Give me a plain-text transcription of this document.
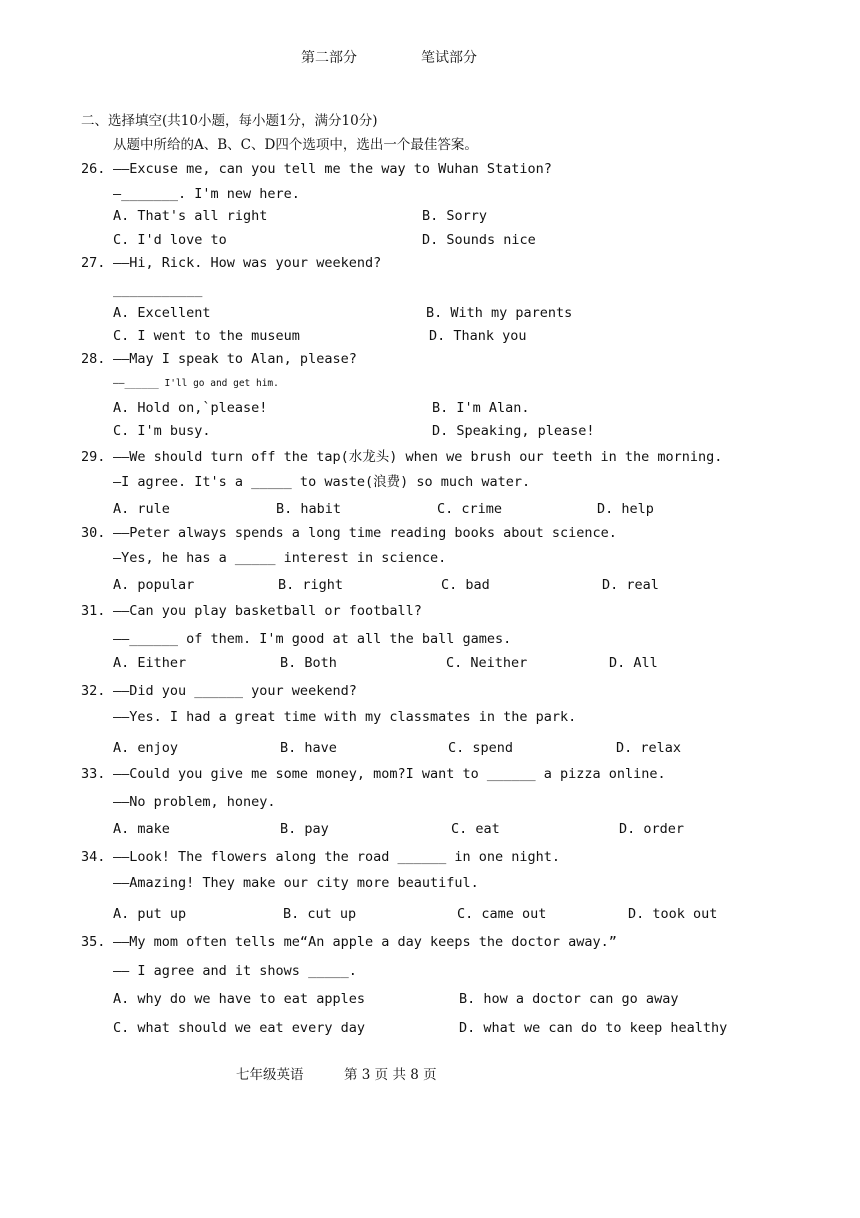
第二部分	笔试部分
二、选择填空(共10小题，每小题1分，满分10分)
从题中所给的A、B、C、D四个选项中，选出一个最佳答案。
26. ——Excuse me, can you tell me the way to Wuhan Station?
—_______. I'm new here.
A. That's all right	B. Sorry
C. I'd love to	D. Sounds nice
27. ——Hi, Rick. How was your weekend?
___________
A. Excellent	B. With my parents
C. I went to the museum	D. Thank you
28. ——May I speak to Alan, please?
——______ I'll go and get him.
A. Hold on,`please!	B. I'm Alan.
C. I'm busy.	D. Speaking, please!
29. ——We should turn off the tap(水龙头) when we brush our teeth in the morning.
—I agree. It's a _____ to waste(浪费) so much water.
A. rule	B. habit	C. crime	D. help
30. ——Peter always spends a long time reading books about science.
—Yes, he has a _____ interest in science.
A. popular	B. right	C. bad	D. real
31. ——Can you play basketball or football?
——______ of them. I'm good at all the ball games.
A. Either	B. Both	C. Neither	D. All
32. ——Did you ______ your weekend?
——Yes. I had a great time with my classmates in the park.
A. enjoy	B. have	C. spend	D. relax
33. ——Could you give me some money, mom?I want to ______ a pizza online.
——No problem, honey.
A. make	B. pay	C. eat	D. order
34. ——Look! The flowers along the road ______ in one night.
——Amazing! They make our city more beautiful.
A. put up	B. cut up	C. came out	D. took out
35. ——My mom often tells me“An apple a day keeps the doctor away.”
—— I agree and it shows _____.
A. why do we have to eat apples	B. how a doctor can go away
C. what should we eat every day	D. what we can do to keep healthy
七年级英语	第 3 页 共 8 页
